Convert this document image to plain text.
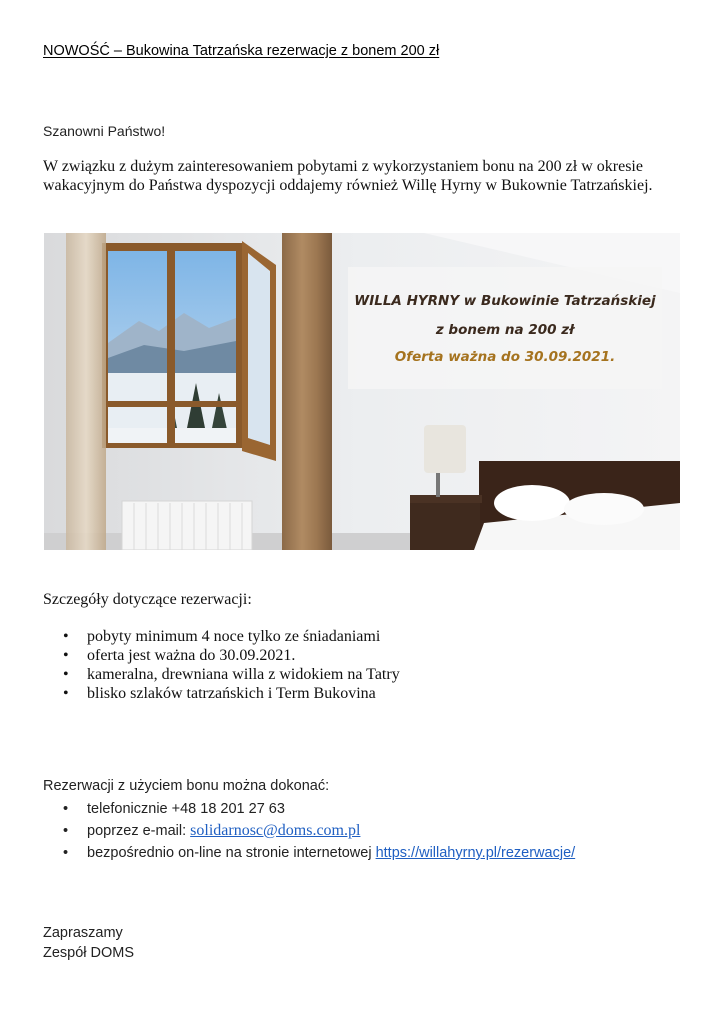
NOWOŚĆ – Bukowina Tatrzańska rezerwacje z bonem 200 zł
Szanowni Państwo!
W związku z dużym zainteresowaniem pobytami z wykorzystaniem bonu na 200 zł w okresie wakacyjnym do Państwa dyspozycji oddajemy również Willę Hyrny w Bukownie Tatrzańskiej.
WILLA HYRNY w Bukowinie Tatrzańskiej
z bonem na 200 zł
Oferta ważna do 30.09.2021.
Szczegóły dotyczące rezerwacji:
• pobyty minimum 4 noce tylko ze śniadaniami
• oferta jest ważna do 30.09.2021.
• kameralna, drewniana willa z widokiem na Tatry
• blisko szlaków tatrzańskich i Term Bukovina
Rezerwacji z użyciem bonu można dokonać:
• telefonicznie +48 18 201 27 63
• poprzez e-mail: solidarnosc@doms.com.pl
• bezpośrednio on-line na stronie internetowej https://willahyrny.pl/rezerwacje/
Zapraszamy
Zespół DOMS
